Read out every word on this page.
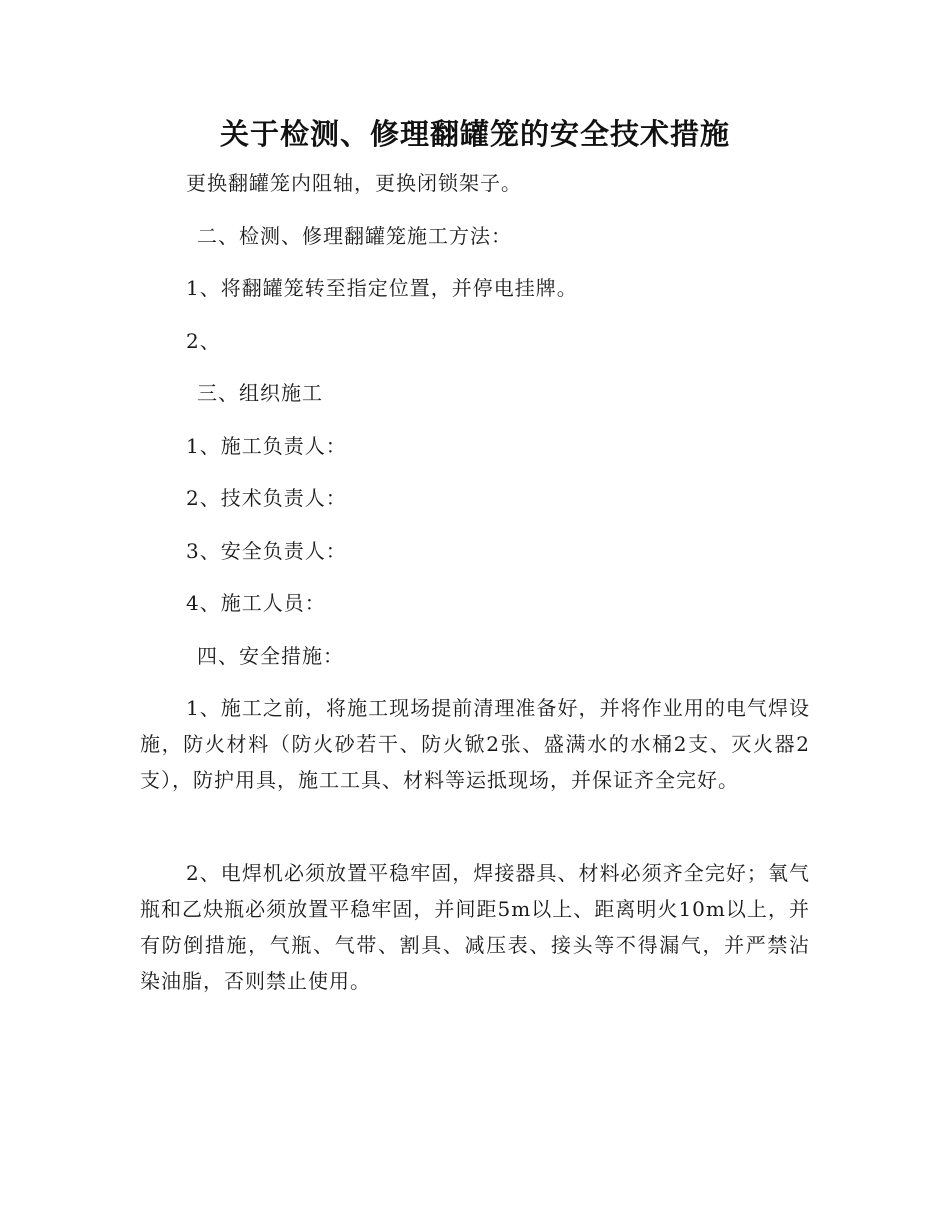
关于检测、修理翻罐笼的安全技术措施
更换翻罐笼内阻轴，更换闭锁架子。
二、检测、修理翻罐笼施工方法：
1、将翻罐笼转至指定位置，并停电挂牌。
2、
三、组织施工
1、施工负责人：
2、技术负责人：
3、安全负责人：
4、施工人员：
四、安全措施：
1、施工之前，将施工现场提前清理准备好，并将作业用的电气焊设施，防火材料（防火砂若干、防火锨2张、盛满水的水桶2支、灭火器2支），防护用具，施工工具、材料等运抵现场，并保证齐全完好。
2、电焊机必须放置平稳牢固，焊接器具、材料必须齐全完好；氧气瓶和乙炔瓶必须放置平稳牢固，并间距5m以上、距离明火10m以上，并有防倒措施，气瓶、气带、割具、减压表、接头等不得漏气，并严禁沾染油脂，否则禁止使用。
